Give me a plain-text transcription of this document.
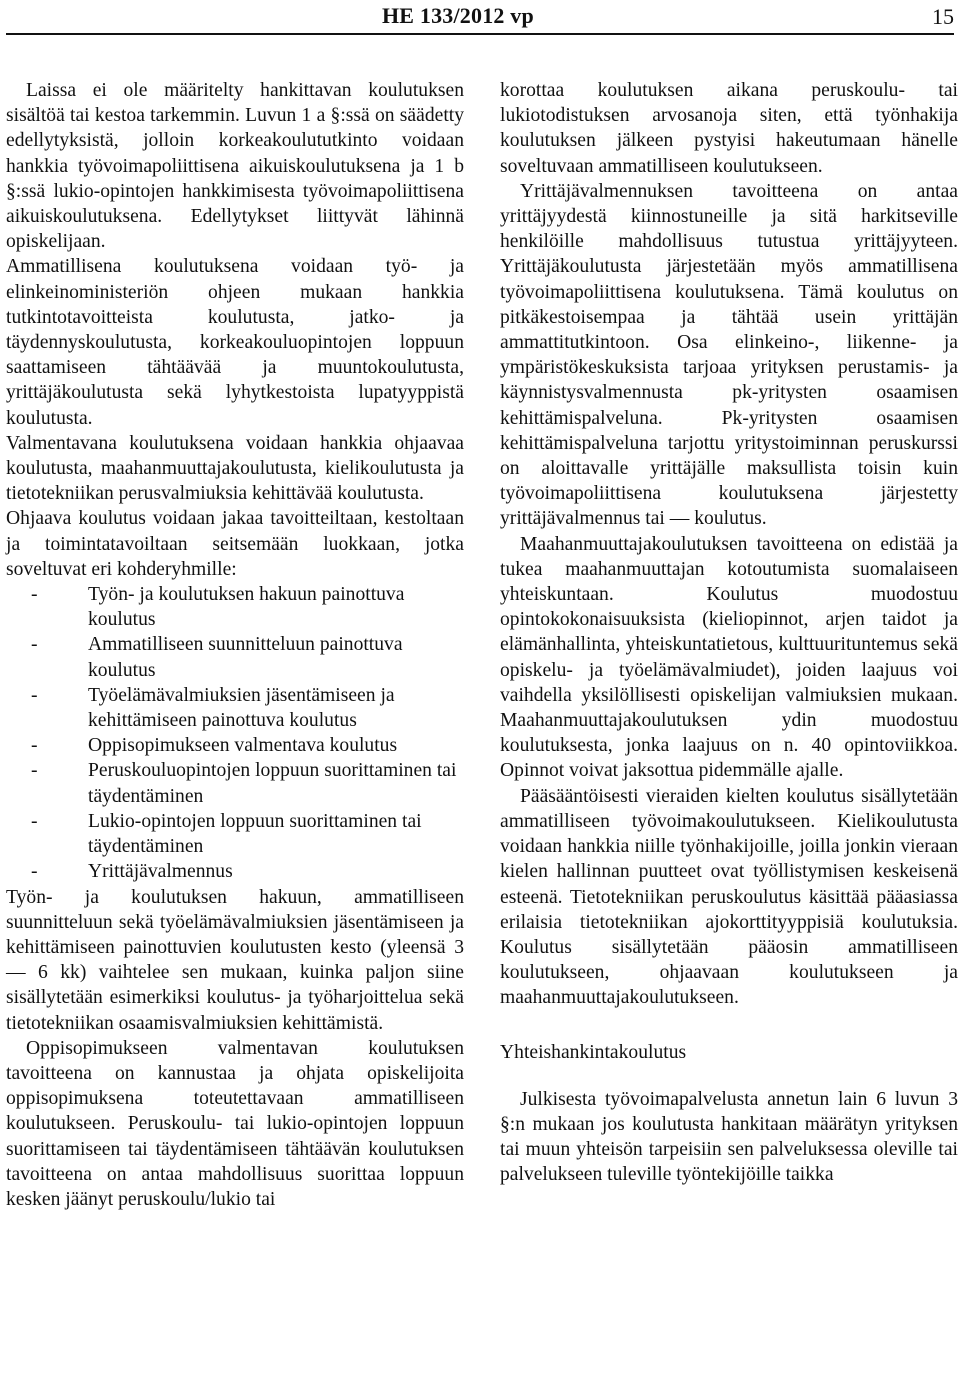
HE 133/2012 vp	15

Laissa ei ole määritelty hankittavan koulutuksen sisältöä tai kestoa tarkemmin. Luvun 1 a §:ssä on säädetty edellytyksistä, jolloin korkeakoulututkinto voidaan hankkia työvoimapoliittisena aikuiskoulutuksena ja 1 b §:ssä lukio-opintojen hankkimisesta työvoimapoliittisena aikuiskoulutuksena. Edellytykset liittyvät lähinnä opiskelijaan.

Ammatillisena koulutuksena voidaan työ- ja elinkeinoministeriön ohjeen mukaan hankkia tutkintotavoitteista koulutusta, jatko- ja täydennyskoulutusta, korkeakouluopintojen loppuun saattamiseen tähtäävää ja muuntokoulutusta, yrittäjäkoulutusta sekä lyhytkestoista lupatyyppistä koulutusta.

Valmentavana koulutuksena voidaan hankkia ohjaavaa koulutusta, maahanmuuttajakoulutusta, kielikoulutusta ja tietotekniikan perusvalmiuksia kehittävää koulutusta.

Ohjaava koulutus voidaan jakaa tavoitteiltaan, kestoltaan ja toimintatavoiltaan seitsemään luokkaan, jotka soveltuvat eri kohderyhmille:

-	Työn- ja koulutuksen hakuun painottuva koulutus
-	Ammatilliseen suunnitteluun painottuva koulutus
-	Työelämävalmiuksien jäsentämiseen ja kehittämiseen painottuva koulutus
-	Oppisopimukseen valmentava koulutus
-	Peruskouluopintojen loppuun suorittaminen tai täydentäminen
-	Lukio-opintojen loppuun suorittaminen tai täydentäminen
-	Yrittäjävalmennus

Työn- ja koulutuksen hakuun, ammatilliseen suunnitteluun sekä työelämävalmiuksien jäsentämiseen ja kehittämiseen painottuvien koulutusten kesto (yleensä 3 — 6 kk) vaihtelee sen mukaan, kuinka paljon siine sisällytetään esimerkiksi koulutus- ja työharjoittelua sekä tietotekniikan osaamisvalmiuksien kehittämistä.

Oppisopimukseen valmentavan koulutuksen tavoitteena on kannustaa ja ohjata opiskelijoita oppisopimuksena toteutettavaan ammatilliseen koulutukseen. Peruskoulu- tai lukio-opintojen loppuun suorittamiseen tai täydentämiseen tähtäävän koulutuksen tavoitteena on antaa mahdollisuus suorittaa loppuun kesken jäänyt peruskoulu/lukio tai

korottaa koulutuksen aikana peruskoulu- tai lukiotodistuksen arvosanoja siten, että työnhakija koulutuksen jälkeen pystyisi hakeutumaan hänelle soveltuvaan ammatilliseen koulutukseen.

Yrittäjävalmennuksen tavoitteena on antaa yrittäjyydestä kiinnostuneille ja sitä harkitseville henkilöille mahdollisuus tutustua yrittäjyyteen. Yrittäjäkoulutusta järjestetään myös ammatillisena työvoimapoliittisena koulutuksena. Tämä koulutus on pitkäkestoisempaa ja tähtää usein yrittäjän ammattitutkintoon. Osa elinkeino-, liikenne- ja ympäristökeskuksista tarjoaa yrityksen perustamis- ja käynnistysvalmennusta pk-yritysten osaamisen kehittämispalveluna. Pk-yritysten osaamisen kehittämispalveluna tarjottu yritystoiminnan peruskurssi on aloittavalle yrittäjälle maksullista toisin kuin työvoimapoliittisena koulutuksena järjestetty yrittäjävalmennus tai — koulutus.

Maahanmuuttajakoulutuksen tavoitteena on edistää ja tukea maahanmuuttajan kotoutumista suomalaiseen yhteiskuntaan. Koulutus muodostuu opintokokonaisuuksista (kieliopinnot, arjen taidot ja elämänhallinta, yhteiskuntatietous, kulttuurituntemus sekä opiskelu- ja työelämävalmiudet), joiden laajuus voi vaihdella yksilöllisesti opiskelijan valmiuksien mukaan. Maahanmuuttajakoulutuksen ydin muodostuu koulutuksesta, jonka laajuus on n. 40 opintoviikkoa. Opinnot voivat jaksottua pidemmälle ajalle.

Pääsääntöisesti vieraiden kielten koulutus sisällytetään ammatilliseen työvoimakoulutukseen. Kielikoulutusta voidaan hankkia niille työnhakijoille, joilla jonkin vieraan kielen hallinnan puutteet ovat työllistymisen keskeisenä esteenä. Tietotekniikan peruskoulutus käsittää pääasiassa erilaisia tietotekniikan ajokorttityyppisiä koulutuksia. Koulutus sisällytetään pääosin ammatilliseen koulutukseen, ohjaavaan koulutukseen ja maahanmuuttajakoulutukseen.

Yhteishankintakoulutus

Julkisesta työvoimapalvelusta annetun lain 6 luvun 3 §:n mukaan jos koulutusta hankitaan määrätyn yrityksen tai muun yhteisön tarpeisiin sen palveluksessa oleville tai palvelukseen tuleville työntekijöille taikka
